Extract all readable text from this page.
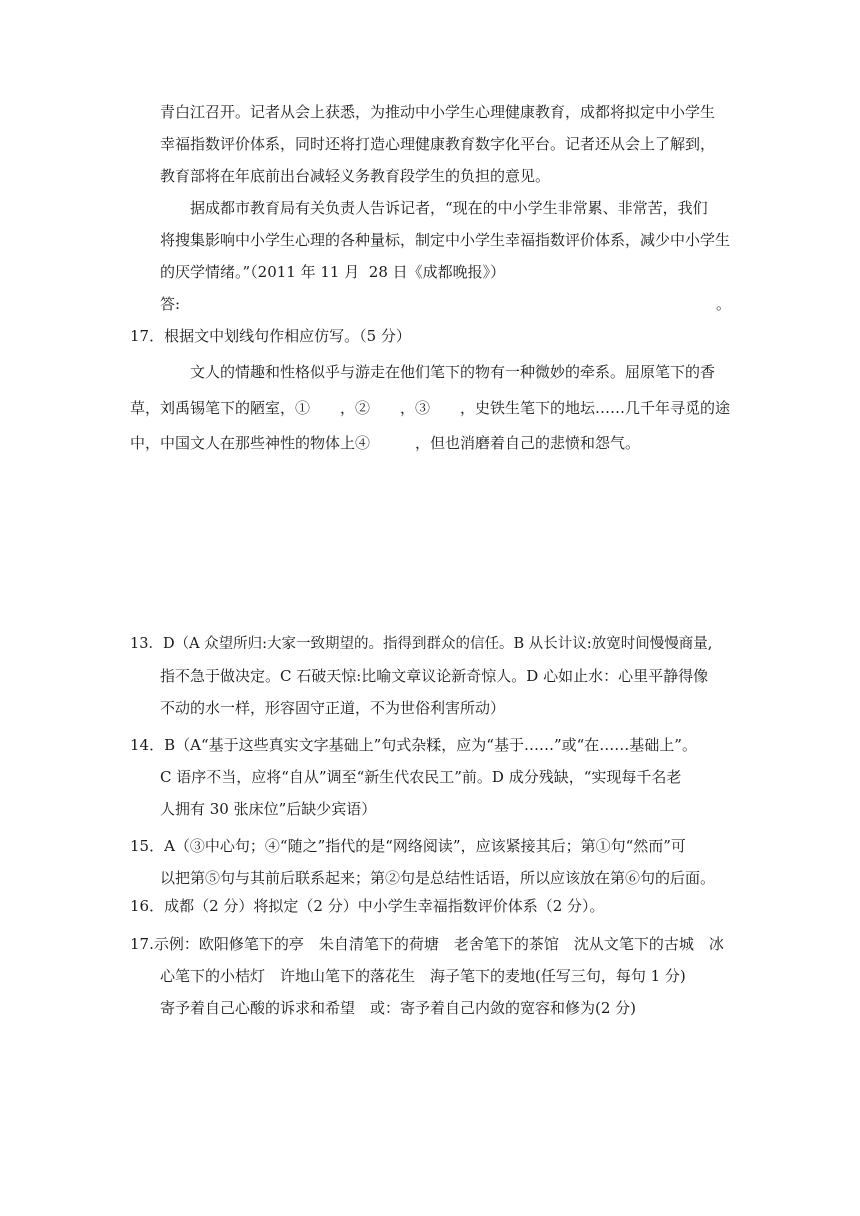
青白江召开。记者从会上获悉，为推动中小学生心理健康教育，成都将拟定中小学生
幸福指数评价体系，同时还将打造心理健康教育数字化平台。记者还从会上了解到，
教育部将在年底前出台减轻义务教育段学生的负担的意见。
据成都市教育局有关负责人告诉记者，“现在的中小学生非常累、非常苦，我们
将搜集影响中小学生心理的各种量标，制定中小学生幸福指数评价体系，减少中小学生
的厌学情绪。”（2011 年 11 月  28 日《成都晚报》）
答:	。
17．根据文中划线句作相应仿写。（5 分）
文人的情趣和性格似乎与游走在他们笔下的物有一种微妙的牵系。屈原笔下的香
草，刘禹锡笔下的陋室，①　　，②　　，③　　，史铁生笔下的地坛……几千年寻觅的途
中，中国文人在那些神性的物体上④　　　，但也消磨着自己的悲愤和怨气。
13．D（A 众望所归:大家一致期望的。指得到群众的信任。B 从长计议:放宽时间慢慢商量,
指不急于做决定。C 石破天惊:比喻文章议论新奇惊人。D 心如止水：心里平静得像
不动的水一样，形容固守正道，不为世俗利害所动）
14．B（A“基于这些真实文字基础上”句式杂糅，应为“基于……”或“在……基础上”。
C 语序不当，应将“自从”调至“新生代农民工”前。D 成分残缺，“实现每千名老
人拥有 30 张床位”后缺少宾语）
15．A（③中心句；④“随之”指代的是“网络阅读”，应该紧接其后；第①句“然而”可
以把第⑤句与其前后联系起来；第②句是总结性话语，所以应该放在第⑥句的后面。
16．成都（2 分）将拟定（2 分）中小学生幸福指数评价体系（2 分）。
17.示例：欧阳修笔下的亭　朱自清笔下的荷塘　老舍笔下的茶馆　沈从文笔下的古城　冰
心笔下的小桔灯　许地山笔下的落花生　海子笔下的麦地(任写三句，每句 1 分)
寄予着自己心酸的诉求和希望　或：寄予着自己内敛的宽容和修为(2 分)
